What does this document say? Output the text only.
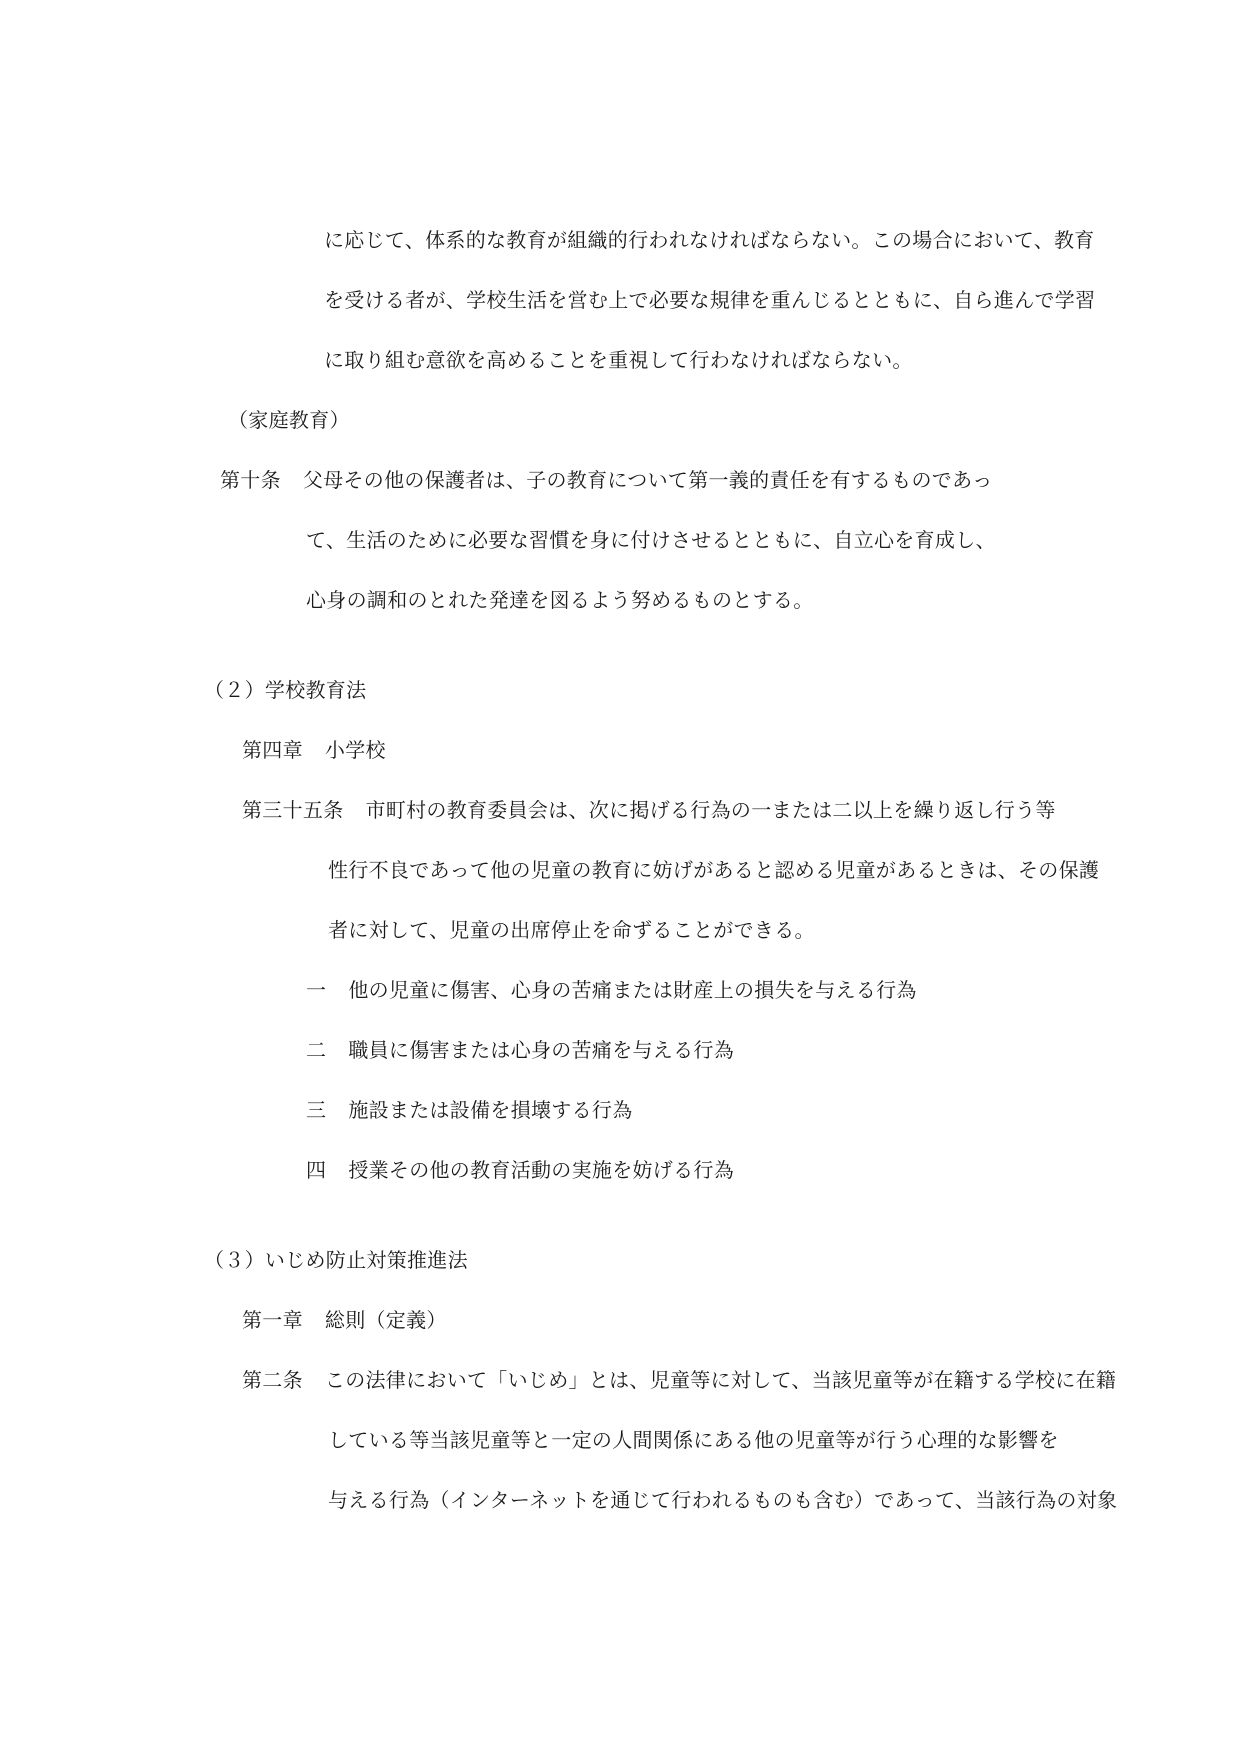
に応じて、体系的な教育が組織的行われなければならない。この場合において、教育
を受ける者が、学校生活を営む上で必要な規律を重んじるとともに、自ら進んで学習
に取り組む意欲を高めることを重視して行わなければならない。
（家庭教育）
第十条 父母その他の保護者は、子の教育について第一義的責任を有するものであっ
て、生活のために必要な習慣を身に付けさせるとともに、自立心を育成し、
心身の調和のとれた発達を図るよう努めるものとする。
（２）学校教育法
第四章 小学校
第三十五条 市町村の教育委員会は、次に掲げる行為の一または二以上を繰り返し行う等
性行不良であって他の児童の教育に妨げがあると認める児童があるときは、その保護
者に対して、児童の出席停止を命ずることができる。
一 他の児童に傷害、心身の苦痛または財産上の損失を与える行為
二 職員に傷害または心身の苦痛を与える行為
三 施設または設備を損壊する行為
四 授業その他の教育活動の実施を妨げる行為
（３）いじめ防止対策推進法
第一章 総則（定義）
第二条 この法律において「いじめ」とは、児童等に対して、当該児童等が在籍する学校に在籍
している等当該児童等と一定の人間関係にある他の児童等が行う心理的な影響を
与える行為（インターネットを通じて行われるものも含む）であって、当該行為の対象
